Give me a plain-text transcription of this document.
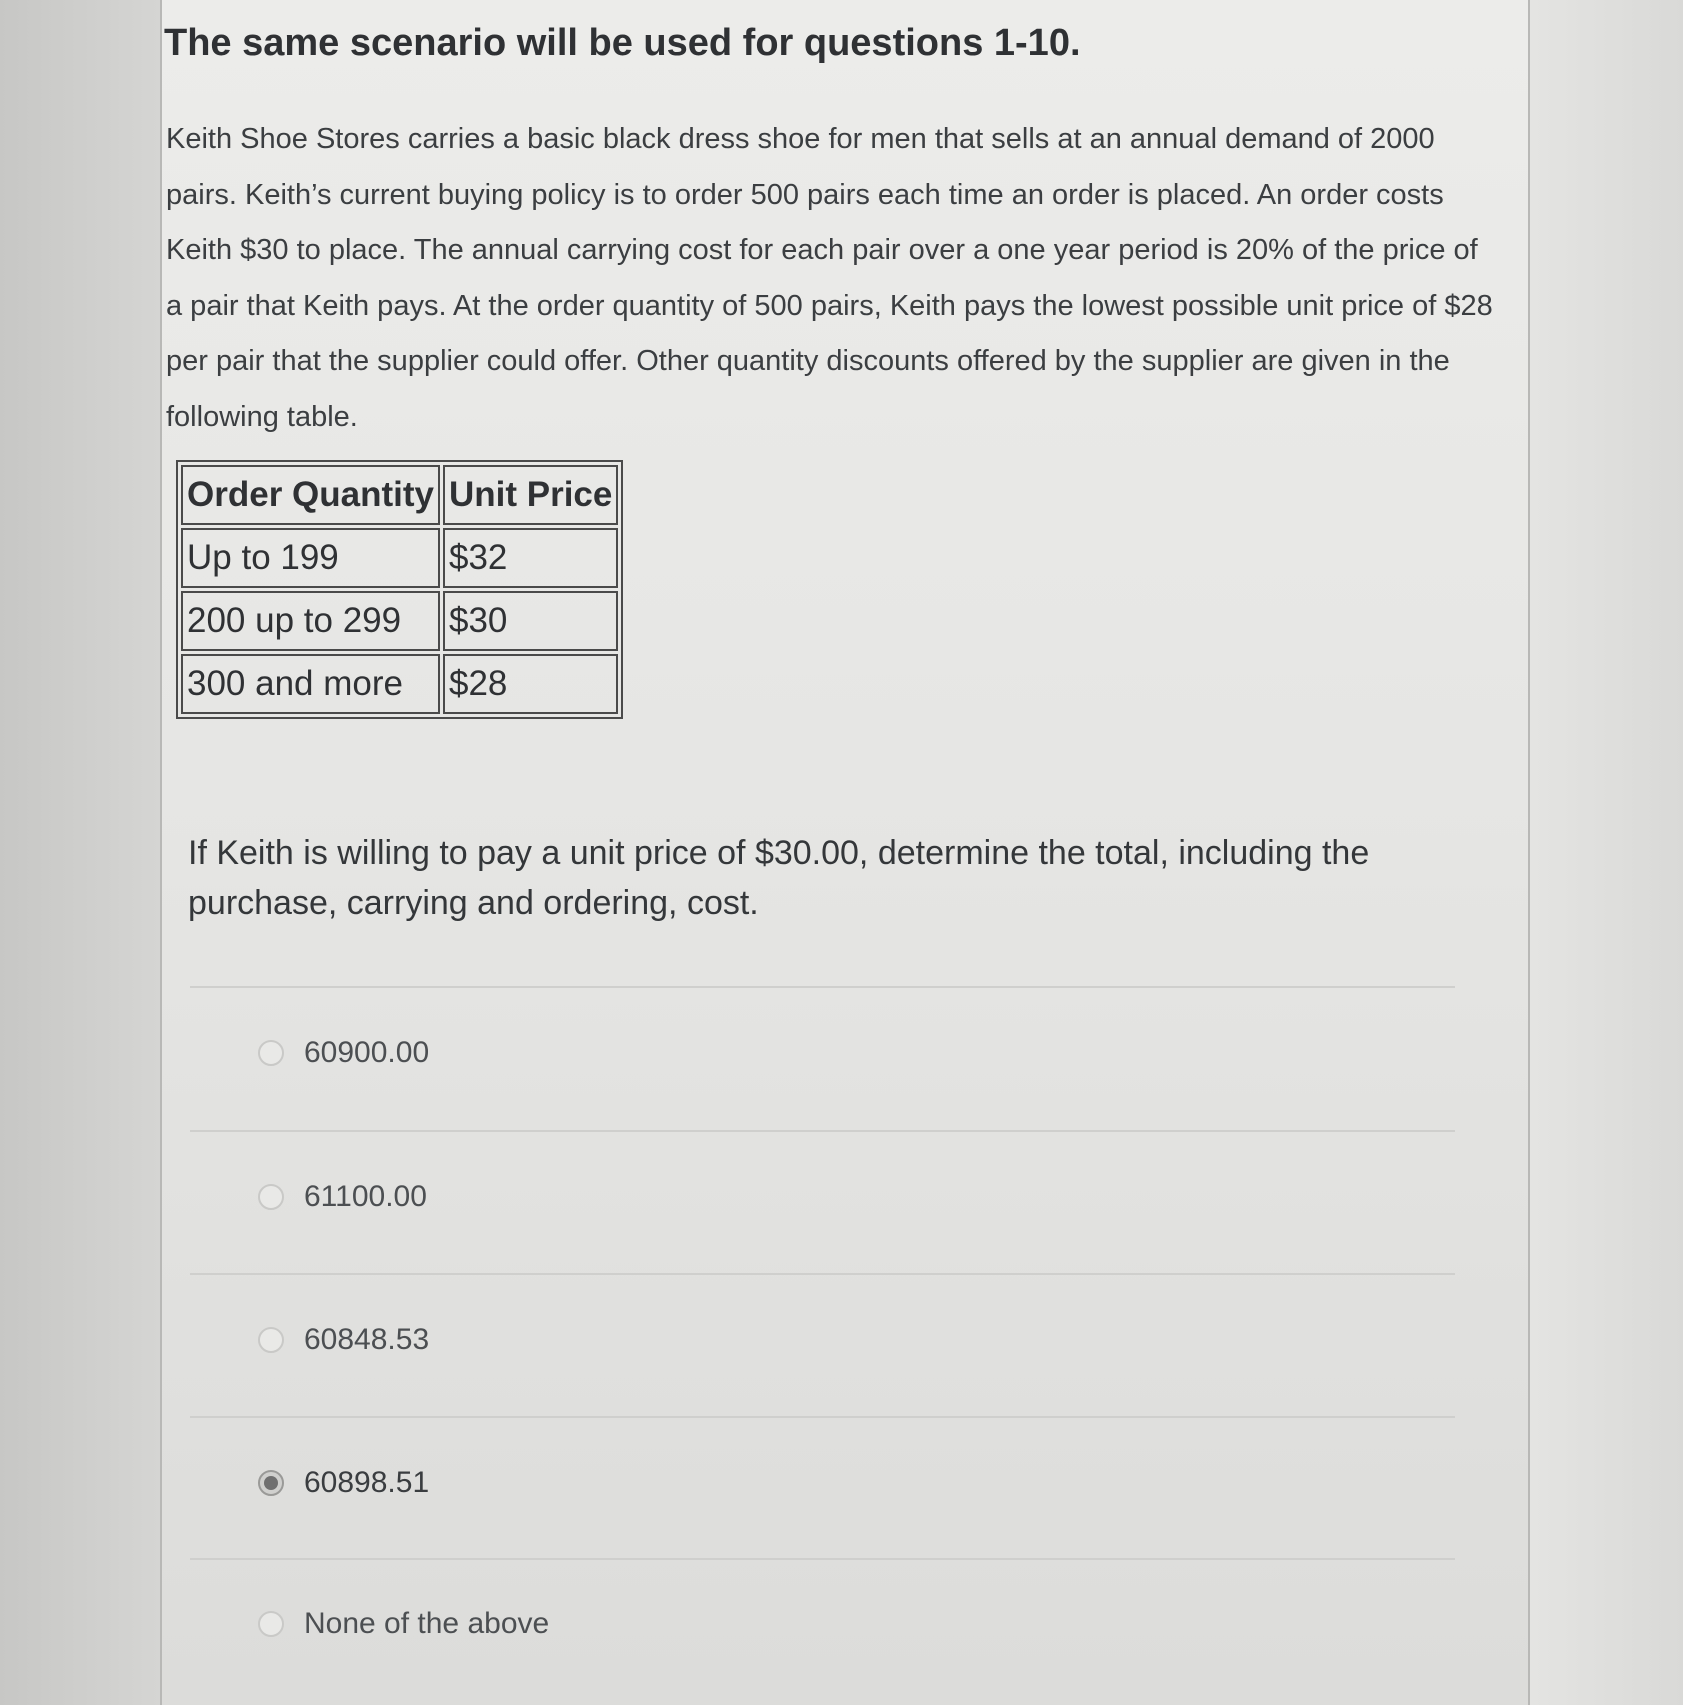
The same scenario will be used for questions 1-10.

Keith Shoe Stores carries a basic black dress shoe for men that sells at an annual demand of 2000 pairs. Keith’s current buying policy is to order 500 pairs each time an order is placed. An order costs Keith $30 to place. The annual carrying cost for each pair over a one year period is 20% of the price of a pair that Keith pays. At the order quantity of 500 pairs, Keith pays the lowest possible unit price of $28 per pair that the supplier could offer. Other quantity discounts offered by the supplier are given in the following table.

Order Quantity	Unit Price
Up to 199	$32
200 up to 299	$30
300 and more	$28

If Keith is willing to pay a unit price of $30.00, determine the total, including the purchase, carrying and ordering, cost.

60900.00
61100.00
60848.53
60898.51
None of the above
